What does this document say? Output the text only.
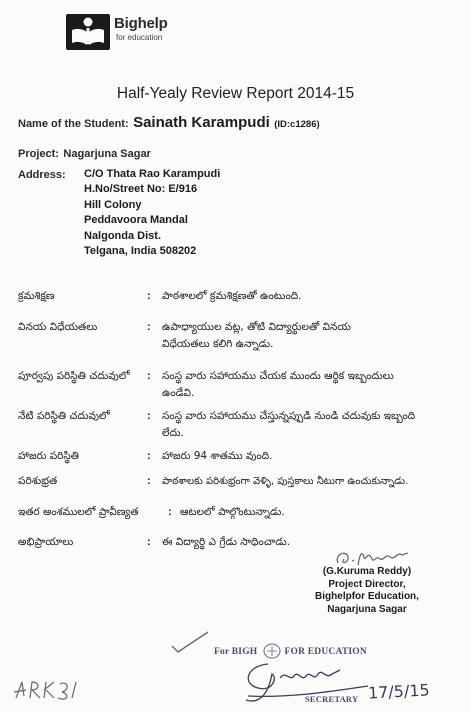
Bighelp
for education
Half-Yealy Review Report 2014-15
Name of the Student: Sainath Karampudi (ID:c1286)
Project: Nagarjuna Sagar
Address: C/O Thata Rao Karampudi
H.No/Street No: E/916
Hill Colony
Peddavoora Mandal
Nalgonda Dist.
Telgana, India 508202
క్రమశిక్షణ	: పాఠశాలలో క్రమశిక్షణతో ఉంటుంది.
వినయ విధేయతలు	: ఉపాధ్యాయుల వట్ల, తోటి విద్యార్థులతో వినయ
విధేయతలు కలిగి ఉన్నాడు.
పూర్వపు పరిస్థితి చదువులో : సంస్థ వారు సహాయము చేయక ముందు ఆర్థిక ఇబ్బందులు
ఉండేవి.
నేటి పరిస్థితి చదువులో	: సంస్థ వారు సహాయము చేస్తున్నప్పుడి నుండి చదువుకు ఇబ్బంది
లేదు.
హాజరు పరిస్థితి	: హాజరు 94 శాతము వుంది.
పరిశుభ్రత	: పాఠశాలకు పరిశుభ్రంగా వెళ్ళి, పుస్తకాలు నీటుగా ఉంచుకున్నాడు.
ఇతర అంశములలో ప్రావీణ్యత	: ఆటలలో పాల్గొంటున్నాడు.
అభిప్రాయాలు	: ఈ విద్యార్థి ఎ గ్రేడు సాధించాడు.
(G.Kuruma Reddy)
Project Director,
Bighelpfor Education,
Nagarjuna Sagar
For BIGH	FOR EDUCATION
SECRETARY 17/5/15
